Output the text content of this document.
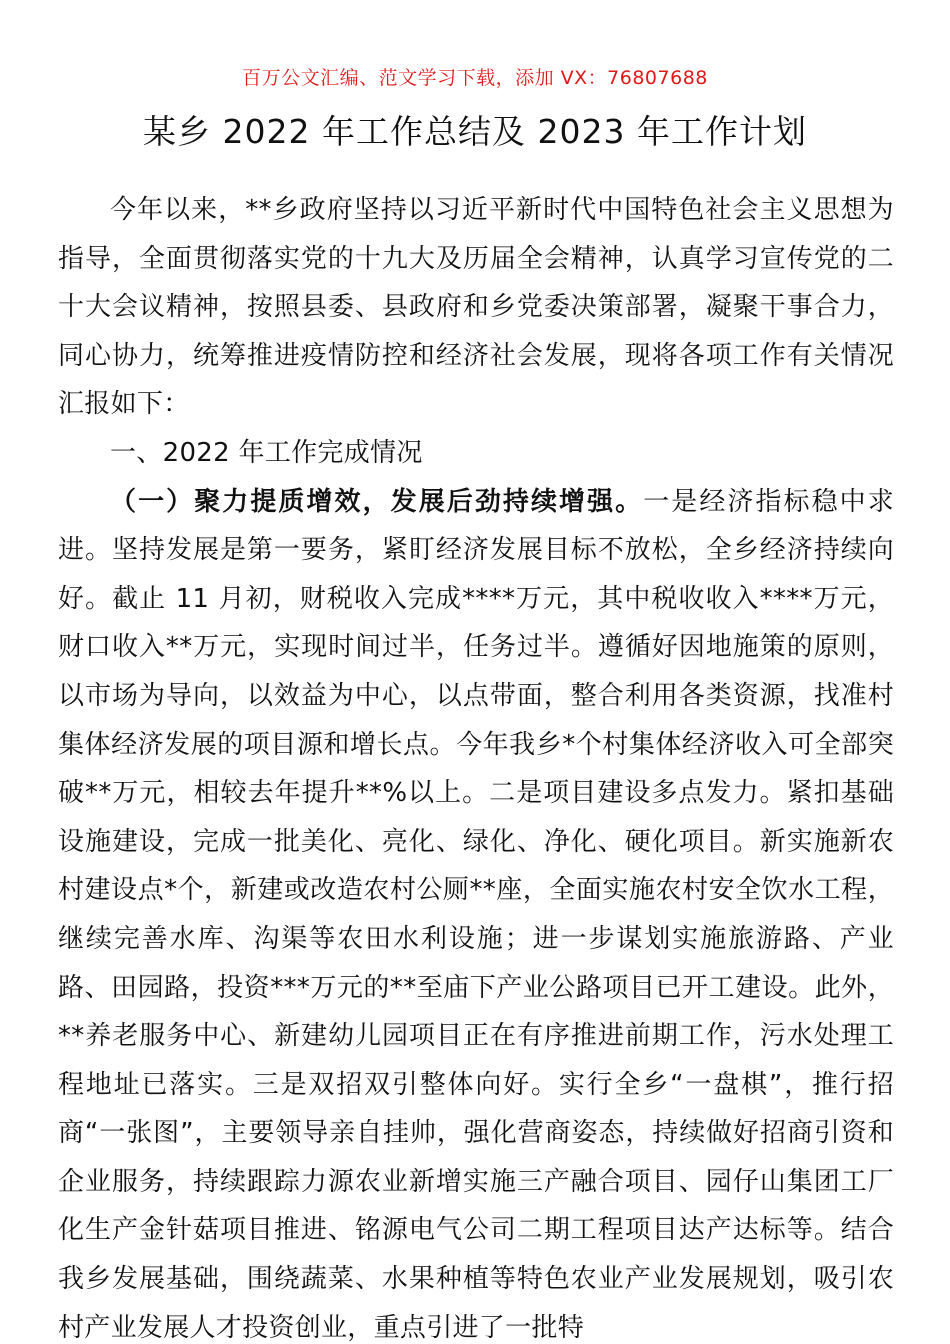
百万公文汇编、范文学习下载，添加 VX：76807688
某乡 2022 年工作总结及 2023 年工作计划

今年以来，**乡政府坚持以习近平新时代中国特色社会主义思想为指导，全面贯彻落实党的十九大及历届全会精神，认真学习宣传党的二十大会议精神，按照县委、县政府和乡党委决策部署，凝聚干事合力，同心协力，统筹推进疫情防控和经济社会发展，现将各项工作有关情况汇报如下：

一、2022 年工作完成情况

（一）聚力提质增效，发展后劲持续增强。一是经济指标稳中求进。坚持发展是第一要务，紧盯经济发展目标不放松，全乡经济持续向好。截止 11 月初，财税收入完成****万元，其中税收收入****万元，财口收入**万元，实现时间过半，任务过半。遵循好因地施策的原则，以市场为导向，以效益为中心，以点带面，整合利用各类资源，找准村集体经济发展的项目源和增长点。今年我乡*个村集体经济收入可全部突破**万元，相较去年提升**%以上。二是项目建设多点发力。紧扣基础设施建设，完成一批美化、亮化、绿化、净化、硬化项目。新实施新农村建设点*个，新建或改造农村公厕**座，全面实施农村安全饮水工程，继续完善水库、沟渠等农田水利设施；进一步谋划实施旅游路、产业路、田园路，投资***万元的**至庙下产业公路项目已开工建设。此外，**养老服务中心、新建幼儿园项目正在有序推进前期工作，污水处理工程地址已落实。三是双招双引整体向好。实行全乡“一盘棋”，推行招商“一张图”，主要领导亲自挂帅，强化营商姿态，持续做好招商引资和企业服务，持续跟踪力源农业新增实施三产融合项目、园仔山集团工厂化生产金针菇项目推进、铭源电气公司二期工程项目达产达标等。结合我乡发展基础，围绕蔬菜、水果种植等特色农业产业发展规划，吸引农村产业发展人才投资创业，重点引进了一批特
